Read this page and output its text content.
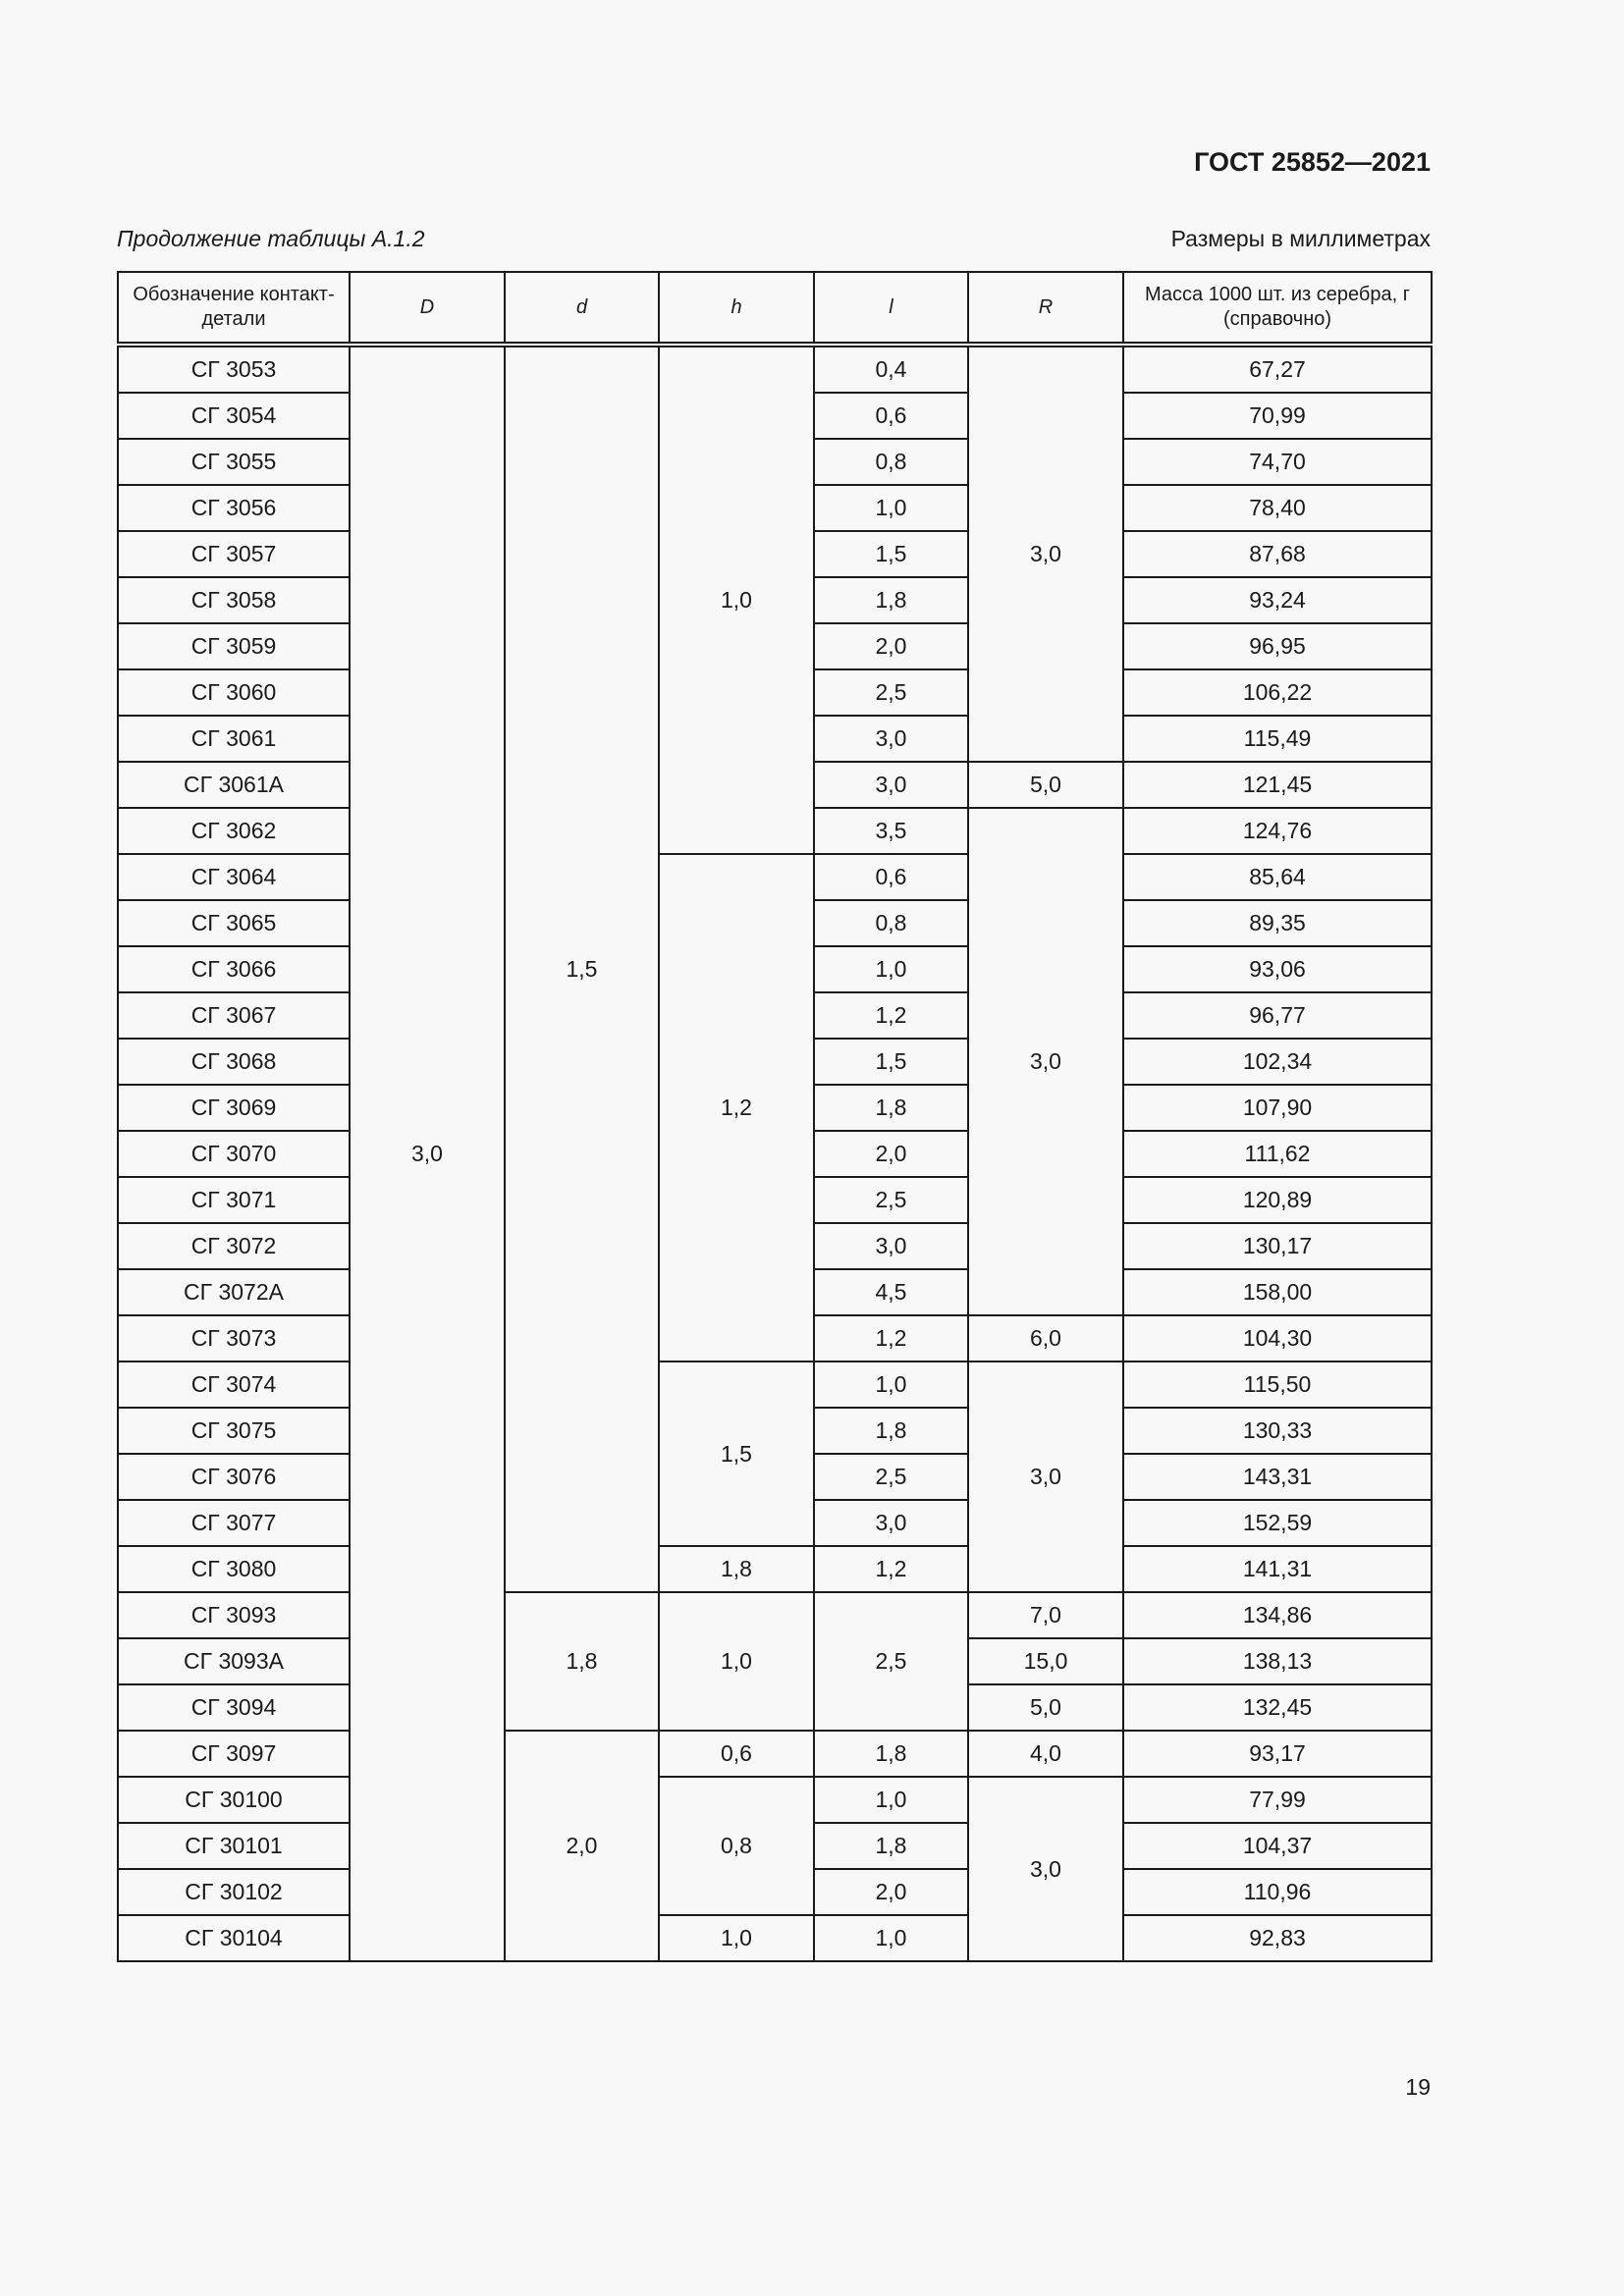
ГОСТ 25852—2021
Продолжение таблицы А.1.2	Размеры в миллиметрах
Обозначение контакт-детали	D	d	h	l	R	Масса 1000 шт. из серебра, г (справочно)
СГ 3053	3,0	1,5	1,0	0,4	3,0	67,27
СГ 3054				0,6		70,99
СГ 3055				0,8		74,70
СГ 3056				1,0		78,40
СГ 3057				1,5		87,68
СГ 3058				1,8		93,24
СГ 3059				2,0		96,95
СГ 3060				2,5		106,22
СГ 3061				3,0		115,49
СГ 3061А				3,0	5,0	121,45
СГ 3062				3,5	3,0	124,76
СГ 3064			1,2	0,6		85,64
СГ 3065				0,8		89,35
СГ 3066				1,0		93,06
СГ 3067				1,2		96,77
СГ 3068				1,5		102,34
СГ 3069				1,8		107,90
СГ 3070				2,0		111,62
СГ 3071				2,5		120,89
СГ 3072				3,0		130,17
СГ 3072А				4,5		158,00
СГ 3073				1,2	6,0	104,30
СГ 3074			1,5	1,0	3,0	115,50
СГ 3075				1,8		130,33
СГ 3076				2,5		143,31
СГ 3077				3,0		152,59
СГ 3080			1,8	1,2		141,31
СГ 3093		1,8	1,0	2,5	7,0	134,86
СГ 3093А					15,0	138,13
СГ 3094					5,0	132,45
СГ 3097		2,0	0,6	1,8	4,0	93,17
СГ 30100			0,8	1,0	3,0	77,99
СГ 30101				1,8		104,37
СГ 30102				2,0		110,96
СГ 30104			1,0	1,0		92,83
19
